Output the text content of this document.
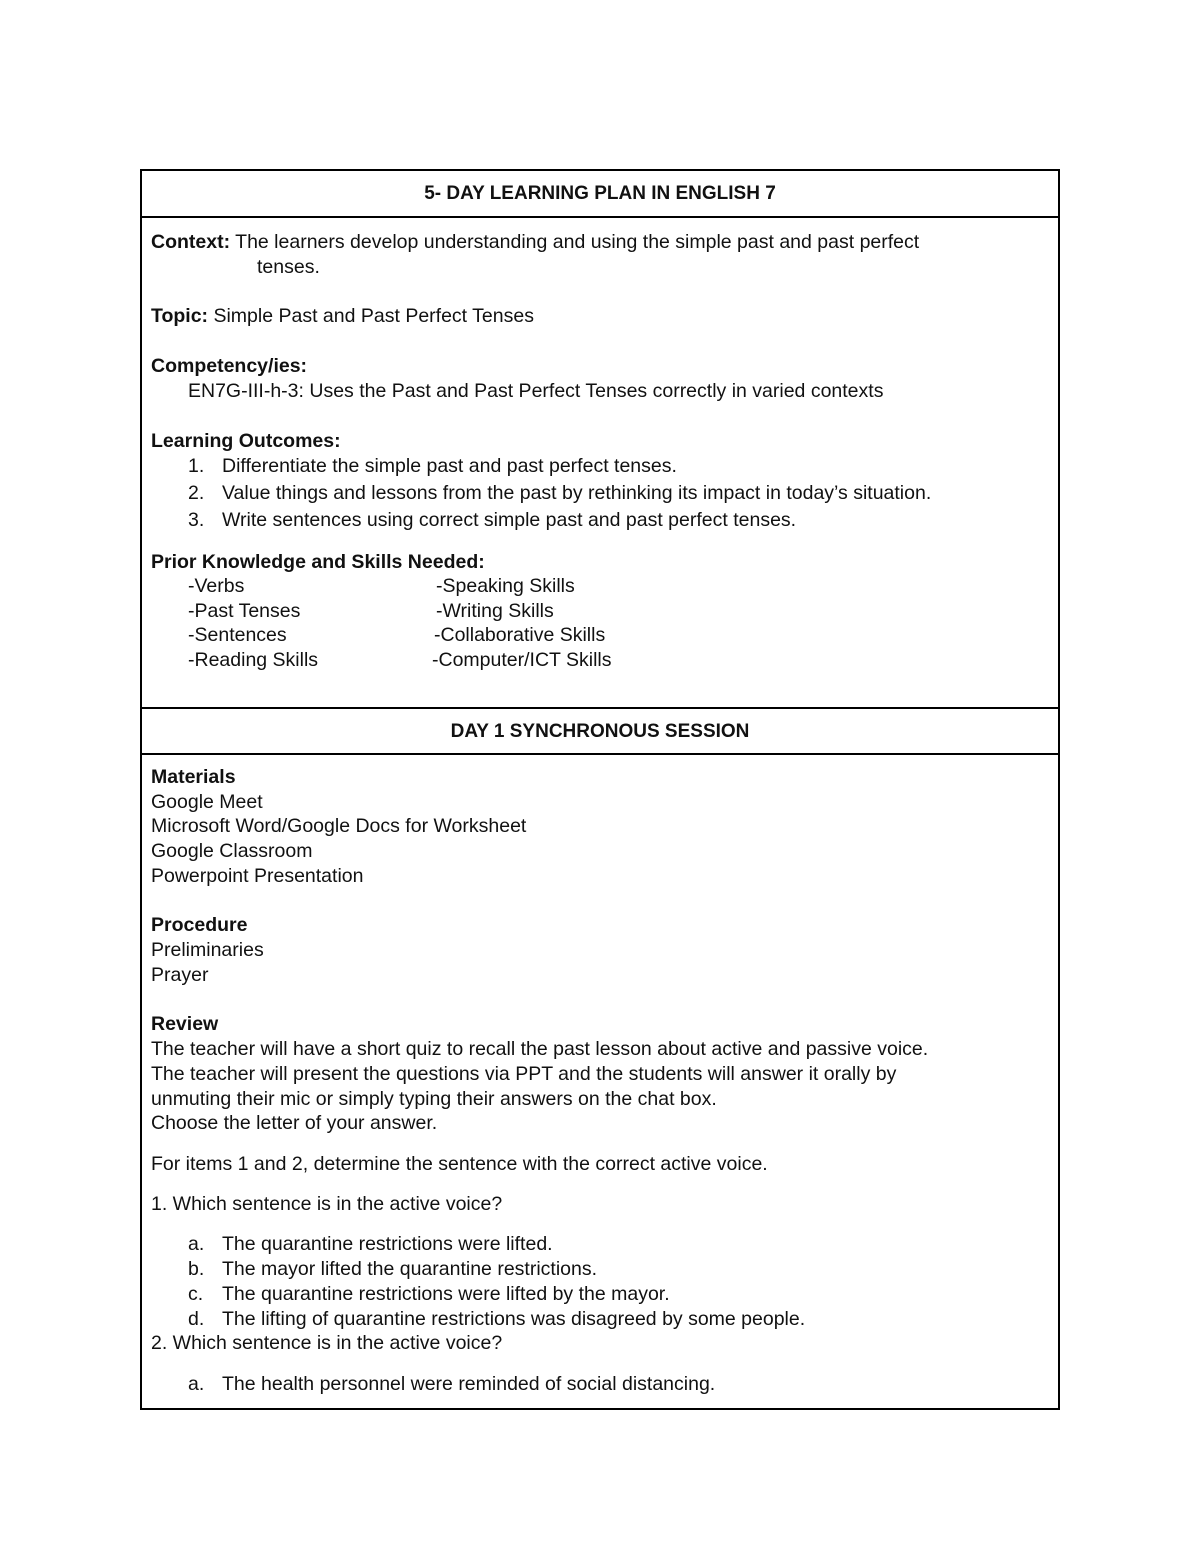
5- DAY LEARNING PLAN IN ENGLISH 7
Context: The learners develop understanding and using the simple past and past perfect
tenses.
Topic: Simple Past and Past Perfect Tenses
Competency/ies:
EN7G-III-h-3: Uses the Past and Past Perfect Tenses correctly in varied contexts
Learning Outcomes:
1. Differentiate the simple past and past perfect tenses.
2. Value things and lessons from the past by rethinking its impact in today’s situation.
3. Write sentences using correct simple past and past perfect tenses.
Prior Knowledge and Skills Needed:
-Verbs
-Past Tenses
-Sentences
-Reading Skills
-Speaking Skills
-Writing Skills
-Collaborative Skills
-Computer/ICT Skills
DAY 1 SYNCHRONOUS SESSION
Materials
Google Meet
Microsoft Word/Google Docs for Worksheet
Google Classroom
Powerpoint Presentation
Procedure
Preliminaries
Prayer
Review
The teacher will have a short quiz to recall the past lesson about active and passive voice.
The teacher will present the questions via PPT and the students will answer it orally by
unmuting their mic or simply typing their answers on the chat box.
Choose the letter of your answer.
For items 1 and 2, determine the sentence with the correct active voice.
1. Which sentence is in the active voice?
a. The quarantine restrictions were lifted.
b. The mayor lifted the quarantine restrictions.
c. The quarantine restrictions were lifted by the mayor.
d. The lifting of quarantine restrictions was disagreed by some people.
2. Which sentence is in the active voice?
a. The health personnel were reminded of social distancing.
